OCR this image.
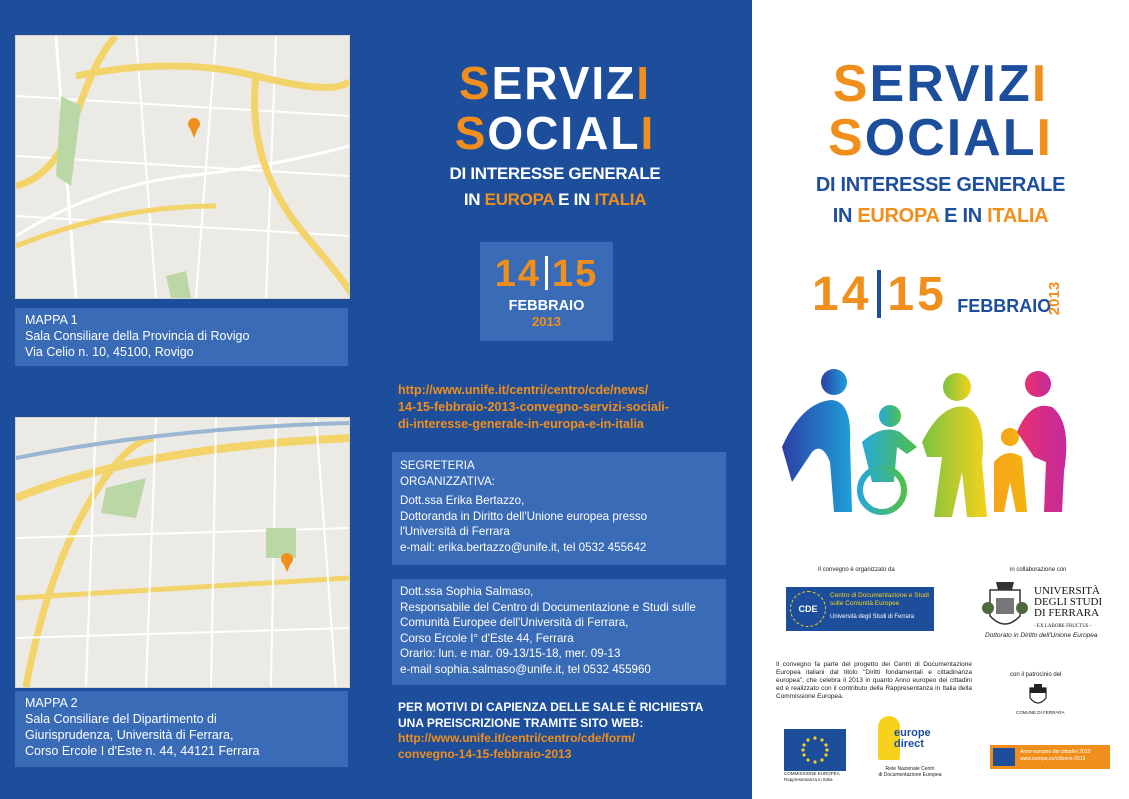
MAPPA 1
Sala Consiliare della Provincia di Rovigo
Via Celio n. 10, 45100, Rovigo
MAPPA 2
Sala Consiliare del Dipartimento di
Giurisprudenza, Università di Ferrara,
Corso Ercole I d'Este n. 44, 44121 Ferrara
SERVIZI
SOCIALI
DI INTERESSE GENERALE
IN EUROPA E IN ITALIA
14 15
FEBBRAIO
2013
http://www.unife.it/centri/centro/cde/news/
14-15-febbraio-2013-convegno-servizi-sociali-
di-interesse-generale-in-europa-e-in-italia
SEGRETERIA
ORGANIZZATIVA:
Dott.ssa Erika Bertazzo,
Dottoranda in Diritto dell'Unione europea presso
l'Università di Ferrara
e-mail: erika.bertazzo@unife.it, tel 0532 455642
Dott.ssa Sophia Salmaso,
Responsabile del Centro di Documentazione e Studi sulle
Comunità Europee dell'Università di Ferrara,
Corso Ercole I° d'Este 44, Ferrara
Orario: lun. e mar. 09-13/15-18, mer. 09-13
e-mail sophia.salmaso@unife.it, tel 0532 455960
PER MOTIVI DI CAPIENZA DELLE SALE È RICHIESTA
UNA PREISCRIZIONE TRAMITE SITO WEB:
http://www.unife.it/centri/centro/cde/form/
convegno-14-15-febbraio-2013
SERVIZI
SOCIALI
DI INTERESSE GENERALE
IN EUROPA E IN ITALIA
14 15 FEBBRAIO
2013
Il convegno è organizzato da	in collaborazione con
CDE
Centro di Documentazione e Studi sulle Comunità Europee
Università degli Studi di Ferrara
UNIVERSITÀ
DEGLI STUDI
DI FERRARA
- EX LABORE FRUCTUS -
Dottorato in Diritto dell'Unione Europea
Il convegno fa parte del progetto dei Centri di Documentazione Europea italiani dal titolo "Diritti fondamentali e cittadinanza europea", che celebra il 2013 in quanto Anno europeo dei cittadini ed è realizzato con il contributo della Rappresentanza in Italia della Commissione Europea.
con il patrocinio del
COMUNE DI FERRARA
COMMISSIONE EUROPEA
Rappresentanza in Italia
europe
direct
Rete Nazionale Centri
di Documentazione Europea
Anno europeo dei cittadini 2013
www.europa.eu/citizens-2013
